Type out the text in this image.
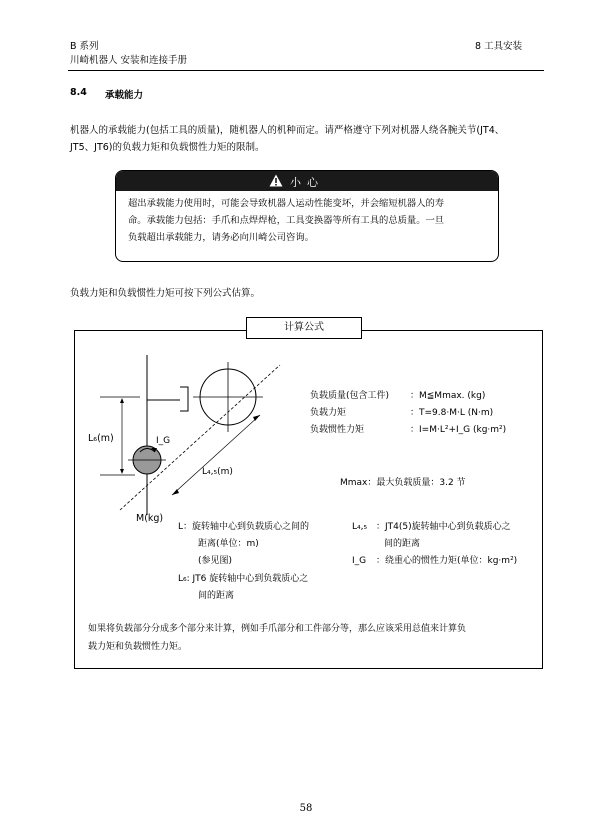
B 系列
川崎机器人 安装和连接手册
8 工具安装
8.4 承载能力
机器人的承载能力(包括工具的质量)，随机器人的机种而定。请严格遵守下列对机器人绕各腕关节(JT4、
JT5、JT6)的负载力矩和负载惯性力矩的限制。
小心
超出承载能力使用时，可能会导致机器人运动性能变坏，并会缩短机器人的寿
命。承载能力包括：手爪和点焊焊枪，工具变换器等所有工具的总质量。一旦
负载超出承载能力，请务必向川崎公司咨询。
负载力矩和负载惯性力矩可按下列公式估算。
计算公式
L₆(m)	I_G
L₄,₅(m)
M(kg)
负载质量(包含工件) ：M≦Mmax. (kg)
负载力矩	：T=9.8·M·L (N·m)
负载惯性力矩	：I=M·L²+I_G (kg·m²)
Mmax：最大负载质量：3.2 节
L：旋转轴中心到负载质心之间的
距离(单位：m)
(参见图)
L₆: JT6 旋转轴中心到负载质心之
间的距离
L₄,₅ ：JT4(5)旋转轴中心到负载质心之
间的距离
I_G ：绕重心的惯性力矩(单位：kg·m²)
如果将负载部分分成多个部分来计算，例如手爪部分和工件部分等，那么应该采用总值来计算负
载力矩和负载惯性力矩。
58
